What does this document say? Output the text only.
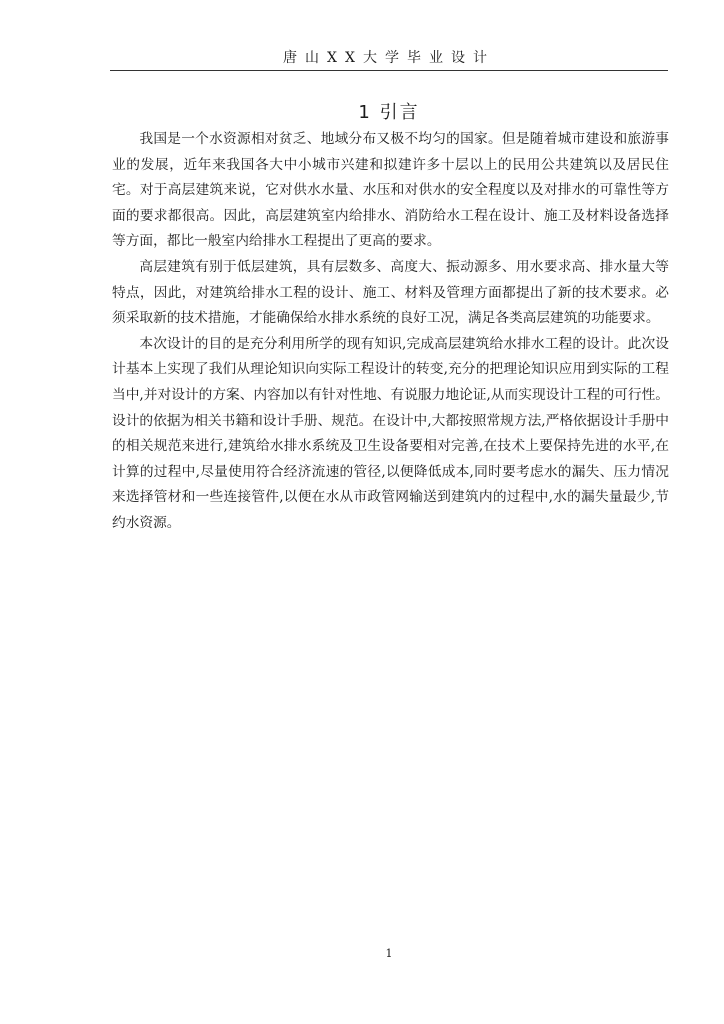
唐山XX大学毕业设计
1 引言

我国是一个水资源相对贫乏、地域分布又极不均匀的国家。但是随着城市建设和旅游事业的发展，近年来我国各大中小城市兴建和拟建许多十层以上的民用公共建筑以及居民住宅。对于高层建筑来说，它对供水水量、水压和对供水的安全程度以及对排水的可靠性等方面的要求都很高。因此，高层建筑室内给排水、消防给水工程在设计、施工及材料设备选择等方面，都比一般室内给排水工程提出了更高的要求。

高层建筑有别于低层建筑，具有层数多、高度大、振动源多、用水要求高、排水量大等特点，因此，对建筑给排水工程的设计、施工、材料及管理方面都提出了新的技术要求。必须采取新的技术措施，才能确保给水排水系统的良好工况，满足各类高层建筑的功能要求。

本次设计的目的是充分利用所学的现有知识,完成高层建筑给水排水工程的设计。此次设计基本上实现了我们从理论知识向实际工程设计的转变,充分的把理论知识应用到实际的工程当中,并对设计的方案、内容加以有针对性地、有说服力地论证,从而实现设计工程的可行性。设计的依据为相关书籍和设计手册、规范。在设计中,大都按照常规方法,严格依据设计手册中的相关规范来进行,建筑给水排水系统及卫生设备要相对完善,在技术上要保持先进的水平,在计算的过程中,尽量使用符合经济流速的管径,以便降低成本,同时要考虑水的漏失、压力情况来选择管材和一些连接管件,以便在水从市政管网输送到建筑内的过程中,水的漏失量最少,节约水资源。

1
